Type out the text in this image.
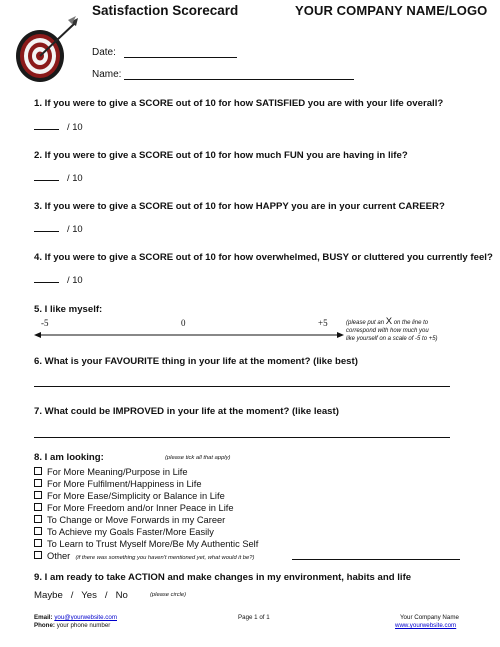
Satisfaction Scorecard	YOUR COMPANY NAME/LOGO
Date:
Name:
1. If you were to give a SCORE out of 10 for how SATISFIED you are with your life overall?
/ 10
2. If you were to give a SCORE out of 10 for how much FUN you are having in life?
/ 10
3. If you were to give a SCORE out of 10 for how HAPPY you are in your current CAREER?
/ 10
4. If you were to give a SCORE out of 10 for how overwhelmed, BUSY or cluttered you currently feel?
/ 10
5. I like myself:
-5	0	+5	(please put an X on the line to
correspond with how much you
like yourself on a scale of -5 to +5)
6. What is your FAVOURITE thing in your life at the moment? (like best)
7. What could be IMPROVED in your life at the moment? (like least)
8. I am looking:	(please tick all that apply)
For More Meaning/Purpose in Life
For More Fulfilment/Happiness in Life
For More Ease/Simplicity or Balance in Life
For More Freedom and/or Inner Peace in Life
To Change or Move Forwards in my Career
To Achieve my Goals Faster/More Easily
To Learn to Trust Myself More/Be My Authentic Self
Other (if there was something you haven't mentioned yet, what would it be?)
9. I am ready to take ACTION and make changes in my environment, habits and life
Maybe   /   Yes   /   No	(please circle)
Email: you@yourwebsite.com
Phone: your phone number
Page 1 of 1	Your Company Name
www.yourwebsite.com
